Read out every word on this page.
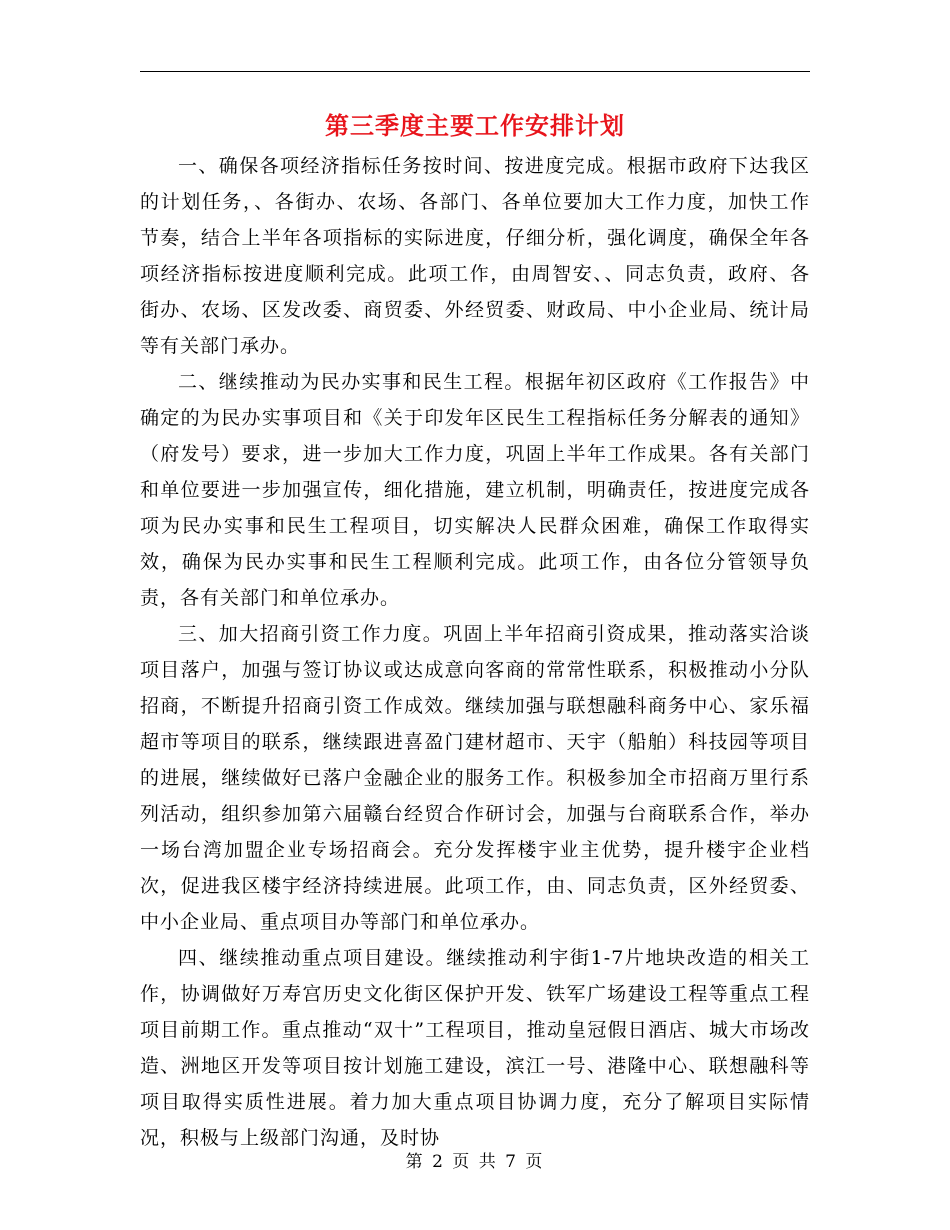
第三季度主要工作安排计划

一、确保各项经济指标任务按时间、按进度完成。根据市政府下达我区的计划任务，、各街办、农场、各部门、各单位要加大工作力度，加快工作节奏，结合上半年各项指标的实际进度，仔细分析，强化调度，确保全年各项经济指标按进度顺利完成。此项工作，由周智安、、同志负责，政府、各街办、农场、区发改委、商贸委、外经贸委、财政局、中小企业局、统计局等有关部门承办。

二、继续推动为民办实事和民生工程。根据年初区政府《工作报告》中确定的为民办实事项目和《关于印发年区民生工程指标任务分解表的通知》（府发号）要求，进一步加大工作力度，巩固上半年工作成果。各有关部门和单位要进一步加强宣传，细化措施，建立机制，明确责任，按进度完成各项为民办实事和民生工程项目，切实解决人民群众困难，确保工作取得实效，确保为民办实事和民生工程顺利完成。此项工作，由各位分管领导负责，各有关部门和单位承办。

三、加大招商引资工作力度。巩固上半年招商引资成果，推动落实洽谈项目落户，加强与签订协议或达成意向客商的常常性联系，积极推动小分队招商，不断提升招商引资工作成效。继续加强与联想融科商务中心、家乐福超市等项目的联系，继续跟进喜盈门建材超市、天宇（船舶）科技园等项目的进展，继续做好已落户金融企业的服务工作。积极参加全市招商万里行系列活动，组织参加第六届赣台经贸合作研讨会，加强与台商联系合作，举办一场台湾加盟企业专场招商会。充分发挥楼宇业主优势，提升楼宇企业档次，促进我区楼宇经济持续进展。此项工作，由、同志负责，区外经贸委、中小企业局、重点项目办等部门和单位承办。

四、继续推动重点项目建设。继续推动利宇街1-7片地块改造的相关工作，协调做好万寿宫历史文化街区保护开发、铁军广场建设工程等重点工程项目前期工作。重点推动“双十”工程项目，推动皇冠假日酒店、城大市场改造、洲地区开发等项目按计划施工建设，滨江一号、港隆中心、联想融科等项目取得实质性进展。着力加大重点项目协调力度，充分了解项目实际情况，积极与上级部门沟通，及时协

第 2 页 共 7 页
